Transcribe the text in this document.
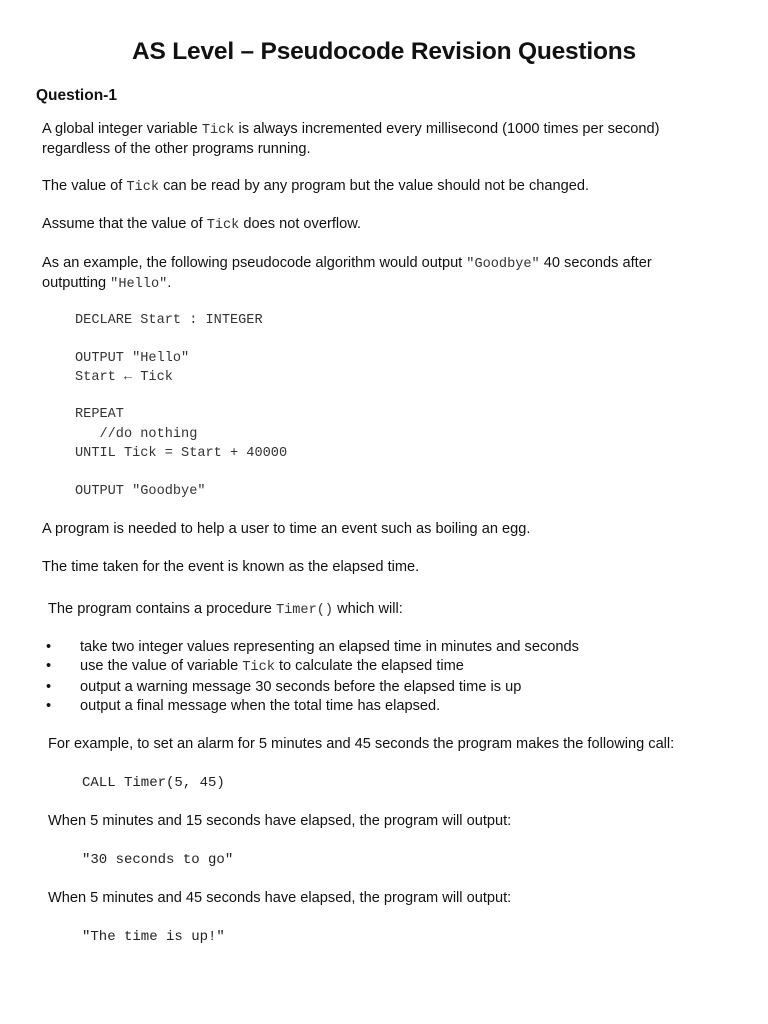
AS Level – Pseudocode Revision Questions
Question-1

A global integer variable Tick is always incremented every millisecond (1000 times per second)
regardless of the other programs running.

The value of Tick can be read by any program but the value should not be changed.

Assume that the value of Tick does not overflow.

As an example, the following pseudocode algorithm would output "Goodbye" 40 seconds after
outputting "Hello".

DECLARE Start : INTEGER
OUTPUT "Hello"
Start ← Tick
REPEAT
//do nothing
UNTIL Tick = Start + 40000
OUTPUT "Goodbye"

A program is needed to help a user to time an event such as boiling an egg.

The time taken for the event is known as the elapsed time.

The program contains a procedure Timer() which will:

• take two integer values representing an elapsed time in minutes and seconds
• use the value of variable Tick to calculate the elapsed time
• output a warning message 30 seconds before the elapsed time is up
• output a final message when the total time has elapsed.

For example, to set an alarm for 5 minutes and 45 seconds the program makes the following call:

CALL Timer(5, 45)

When 5 minutes and 15 seconds have elapsed, the program will output:

"30 seconds to go"

When 5 minutes and 45 seconds have elapsed, the program will output:

"The time is up!"
